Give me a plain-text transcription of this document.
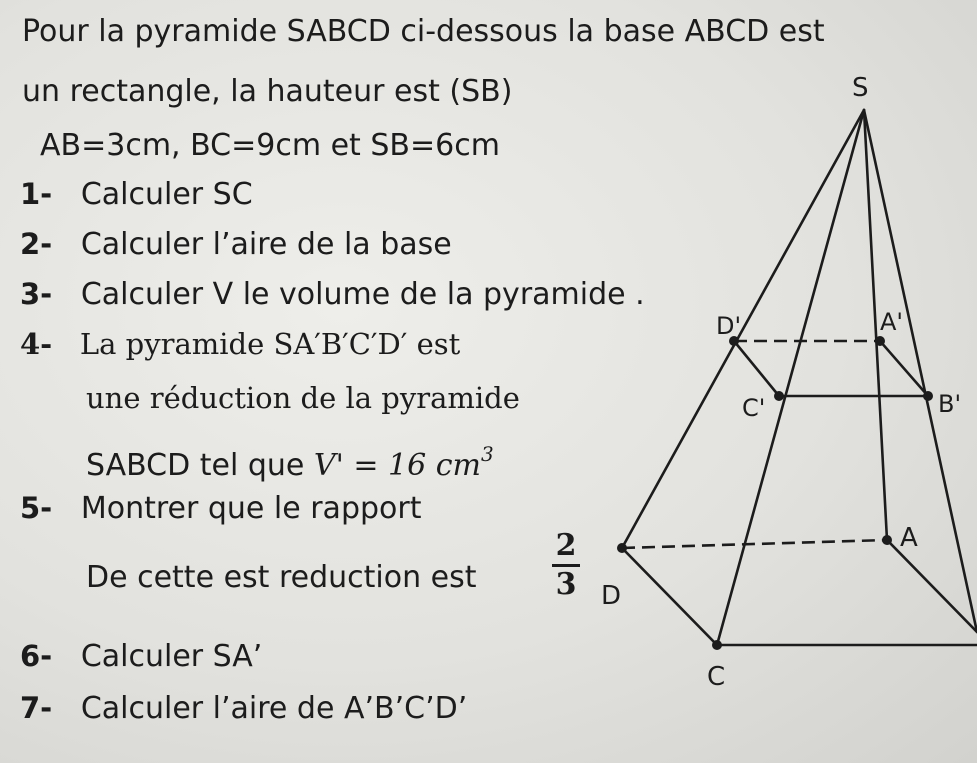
Pour la pyramide SABCD ci-dessous la base ABCD est
un rectangle, la hauteur est (SB)
AB=3cm, BC=9cm et SB=6cm
1- Calculer SC
2- Calculer l’aire de la base
3- Calculer V le volume de la pyramide .
4- La pyramide SA′B′C′D′ est
une réduction de la pyramide
SABCD tel que V' = 16 $cm^3$
5- Montrer que le rapport
De cette est reduction est
2
3
6- Calculer SA’
7- Calculer l’aire de A’B’C’D’
S
D
C
A
D'
C'
A'
B'
